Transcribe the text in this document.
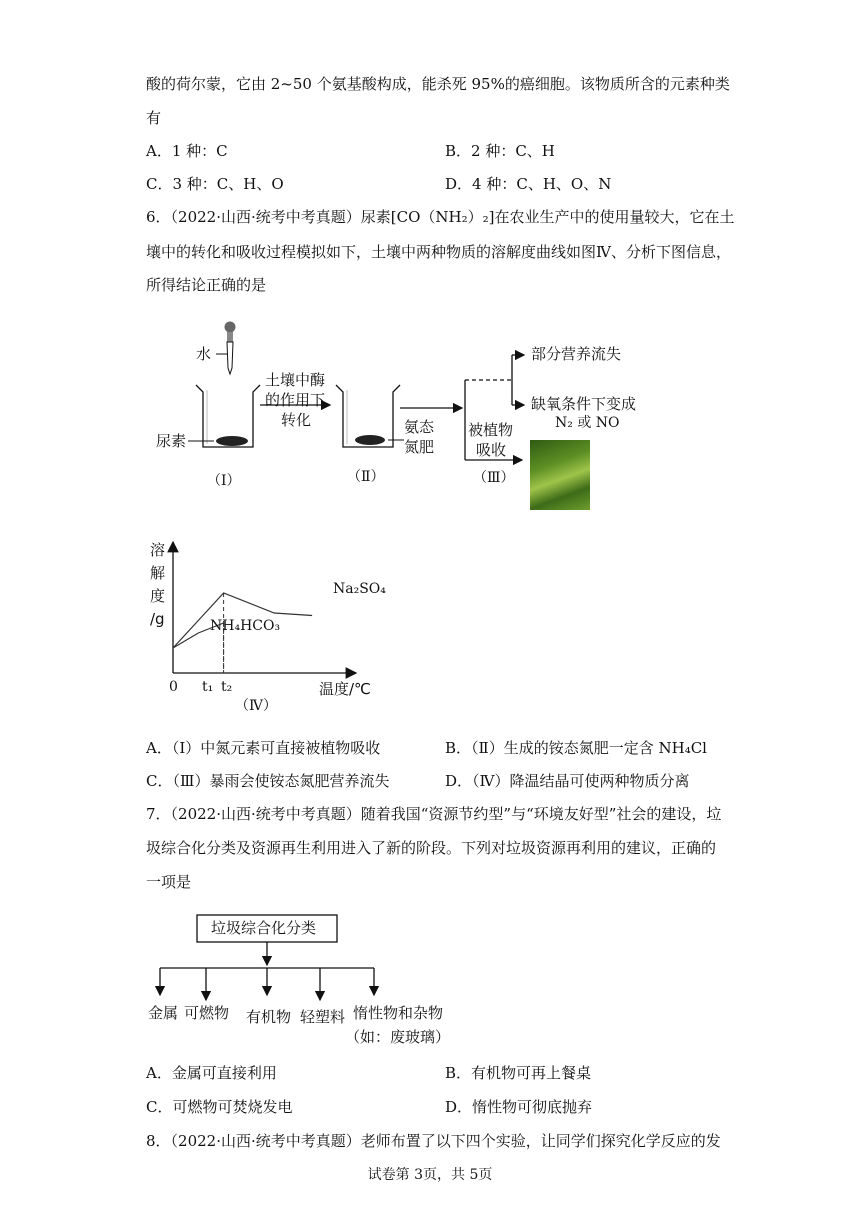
酸的荷尔蒙，它由 2~50 个氨基酸构成，能杀死 95%的癌细胞。该物质所含的元素种类
有
A．1 种：C	B．2 种：C、H
C．3 种：C、H、O	D．4 种：C、H、O、N
6．（2022·山西·统考中考真题）尿素[CO（NH₂）₂]在农业生产中的使用量较大，它在土
壤中的转化和吸收过程模拟如下，土壤中两种物质的溶解度曲线如图Ⅳ、分析下图信息，
所得结论正确的是
水
尿素
土壤中酶
的作用下
转化	氨态
氮肥
被植物
吸收
部分营养流失
缺氧条件下变成
N₂ 或 NO
（Ⅰ）	（Ⅱ）	（Ⅲ）
溶
解
度
/g
温度/℃
0 t₁ t₂
Na₂SO₄
NH₄HCO₃
（Ⅳ）
A．（Ⅰ）中氮元素可直接被植物吸收	B．（Ⅱ）生成的铵态氮肥一定含 NH₄Cl
C．（Ⅲ）暴雨会使铵态氮肥营养流失	D．（Ⅳ）降温结晶可使两种物质分离
7．（2022·山西·统考中考真题）随着我国“资源节约型”与“环境友好型”社会的建设，垃
圾综合化分类及资源再生利用进入了新的阶段。下列对垃圾资源再利用的建议，正确的
一项是
垃圾综合化分类
金属 可燃物 有机物 轻塑料 惰性物和杂物
（如：废玻璃）
A．金属可直接利用	B．有机物可再上餐桌
C．可燃物可焚烧发电	D．惰性物可彻底抛弃
8．（2022·山西·统考中考真题）老师布置了以下四个实验，让同学们探究化学反应的发
试卷第 3页，共 5页
